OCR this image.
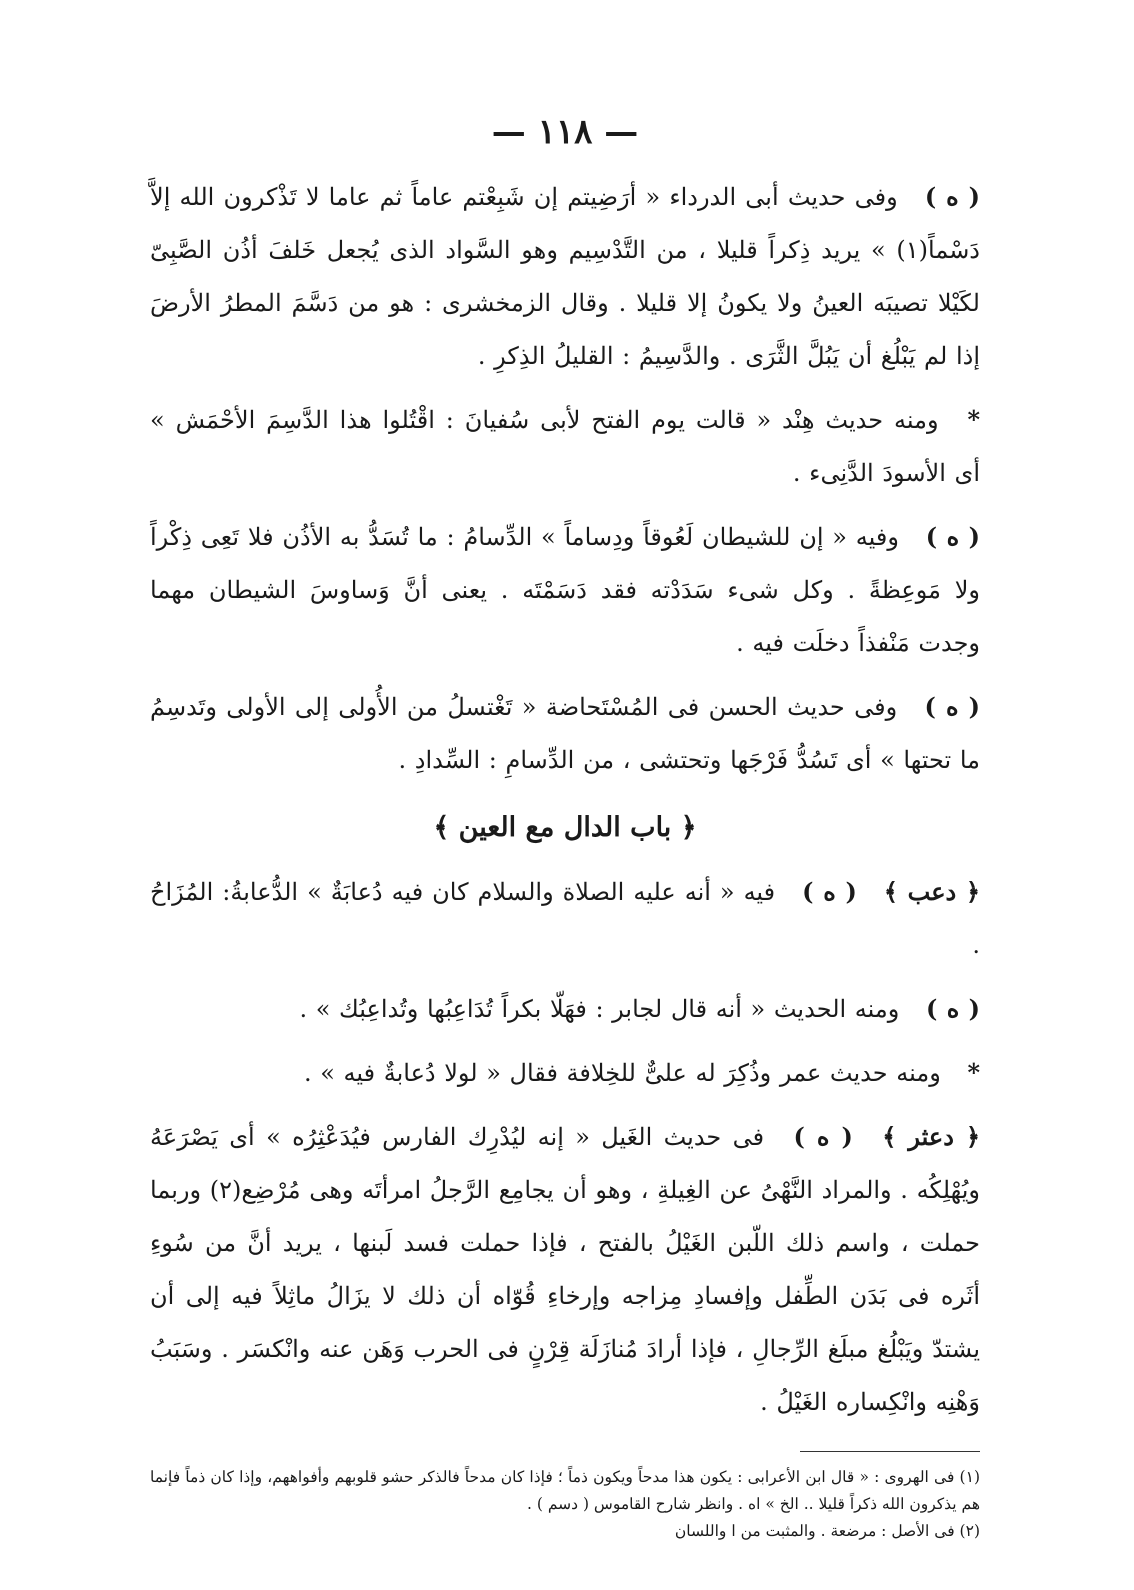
— ١١٨ —

( ه ) وفى حديث أبى الدرداء « أرَضِيتم إن شَبِعْتم عاماً ثم عاما لا تَذْكرون الله إلاَّ دَسْماً(١) » يريد ذِكراً قليلا ، من التَّدْسِيم وهو السَّواد الذى يُجعل خَلفَ أذُن الصَّبِىّ لكَيْلا تصيبَه العينُ ولا يكونُ إلا قليلا . وقال الزمخشرى : هو من دَسَّمَ المطرُ الأرضَ إذا لم يَبْلُغ أن يَبُلَّ الثَّرَى . والدَّسِيمُ : القليلُ الذِكرِ .

* ومنه حديث هِنْد « قالت يوم الفتح لأبى سُفيانَ : اقْتُلوا هذا الدَّسِمَ الأحْمَش » أى الأسودَ الدَّنِىء .

( ه ) وفيه « إن للشيطان لَعُوقاً ودِساماً » الدِّسامُ : ما تُسَدُّ به الأذُن فلا تَعِى ذِكْراً ولا مَوعِظةً . وكل شىء سَدَدْته فقد دَسَمْتَه . يعنى أنَّ وَساوسَ الشيطان مهما وجدت مَنْفذاً دخلَت فيه .

( ه ) وفى حديث الحسن فى المُسْتَحاضة « تَغْتسلُ من الأُولى إلى الأولى وتَدسِمُ ما تحتها » أى تَسُدُّ فَرْجَها وتحتشى ، من الدِّسامِ : السِّدادِ .

﴿ باب الدال مع العين ﴾

﴿ دعب ﴾ ( ه ) فيه « أنه عليه الصلاة والسلام كان فيه دُعابَةٌ » الدُّعابةُ: المُزَاحُ .

( ه ) ومنه الحديث « أنه قال لجابر : فهَلّا بكراً تُدَاعِبُها وتُداعِبُك » .

* ومنه حديث عمر وذُكِرَ له علىٌّ للخِلافة فقال « لولا دُعابةٌ فيه » .

﴿ دعثر ﴾ ( ه ) فى حديث الغَيل « إنه ليُدْرِك الفارس فيُدَعْثِرُه » أى يَصْرَعَهُ ويُهْلِكُه . والمراد النَّهْىُ عن الغِيلةِ ، وهو أن يجامِع الرَّجلُ امرأتَه وهى مُرْضِع(٢) وربما حملت ، واسم ذلك اللّبن الغَيْلُ بالفتح ، فإذا حملت فسد لَبنها ، يريد أنَّ من سُوءِ أثَره فى بَدَن الطِّفل وإفسادِ مِزاجه وإرخاءِ قُوّاه أن ذلك لا يزَالُ ماثِلاً فيه إلى أن يشتدّ ويَبْلُغ مبلَغ الرِّجالِ ، فإذا أرادَ مُنازَلَة قِرْنٍ فى الحرب وَهَن عنه وانْكسَر . وسَبَبُ وَهْنِه وانْكِساره الغَيْلُ .

(١) فى الهروى : « قال ابن الأعرابى : يكون هذا مدحاً ويكون ذماً ؛ فإذا كان مدحاً فالذكر حشو قلوبهم وأفواههم، وإذا كان ذماً فإنما هم يذكرون الله ذكراً قليلا .. الخ » اه . وانظر شارح القاموس ( دسم ) .

(٢) فى الأصل : مرضعة . والمثبت من ا واللسان
